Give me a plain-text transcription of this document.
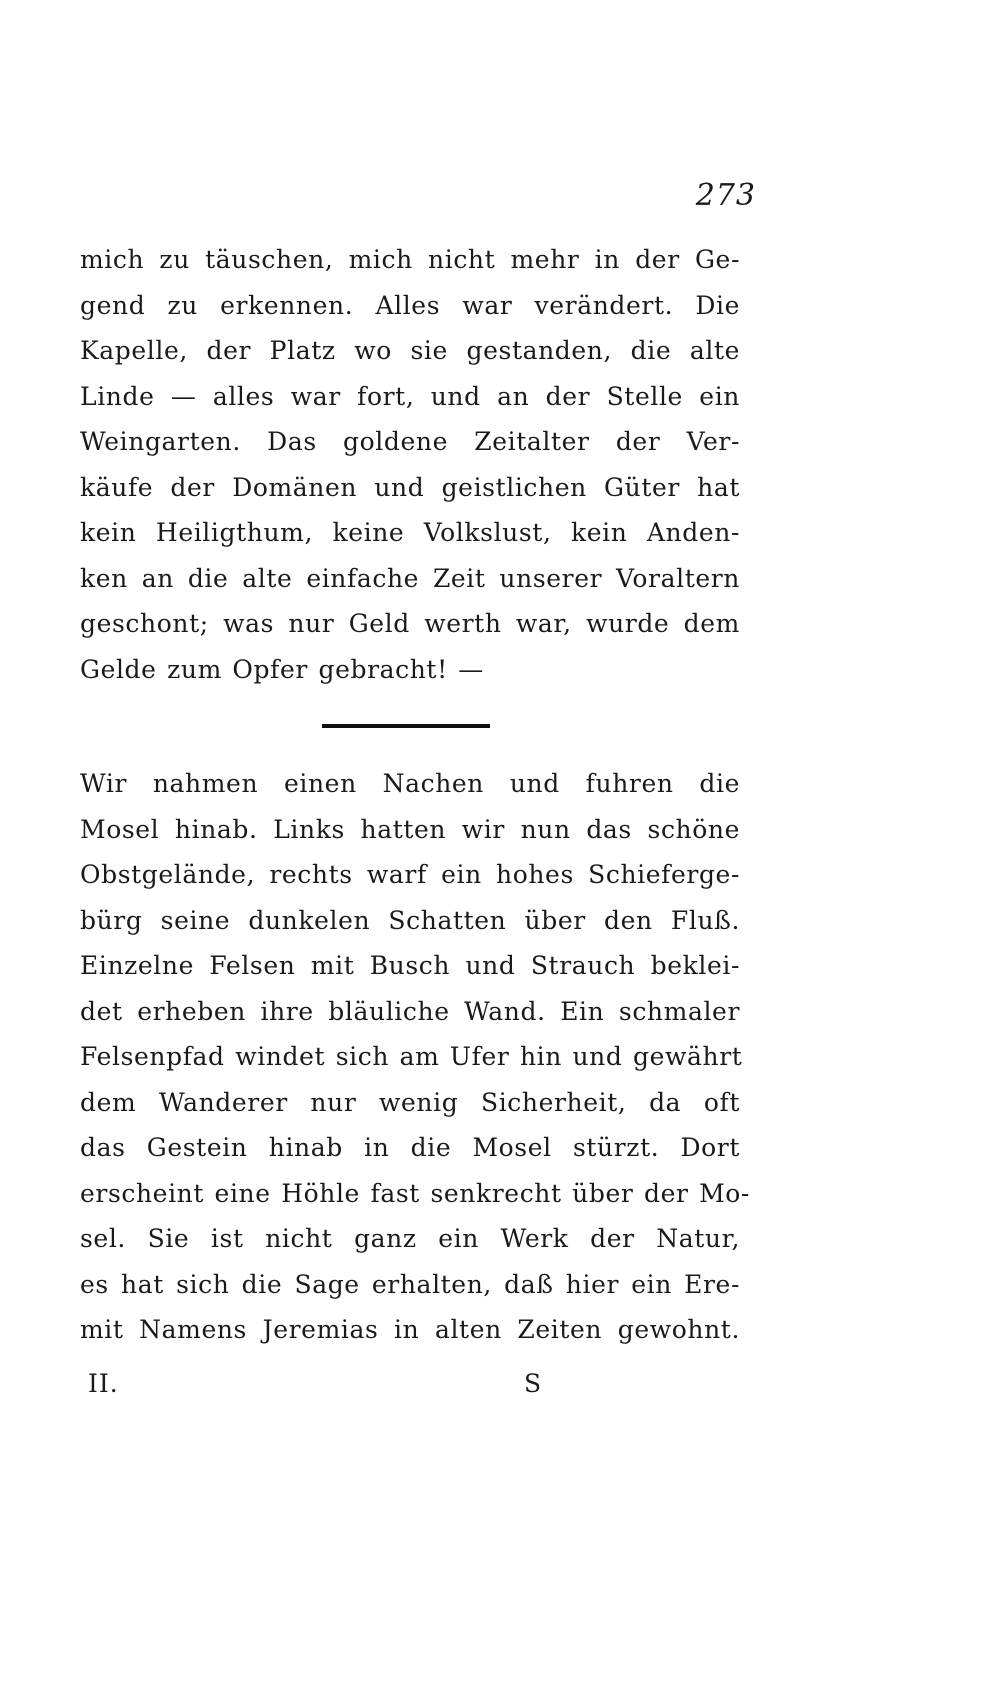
273

mich zu täuschen, mich nicht mehr in der Ge-
gend zu erkennen. Alles war verändert. Die
Kapelle, der Platz wo sie gestanden, die alte
Linde — alles war fort, und an der Stelle ein
Weingarten. Das goldene Zeitalter der Ver-
käufe der Domänen und geistlichen Güter hat
kein Heiligthum, keine Volkslust, kein Anden-
ken an die alte einfache Zeit unserer Voraltern
geschont; was nur Geld werth war, wurde dem
Gelde zum Opfer gebracht! —

Wir nahmen einen Nachen und fuhren die
Mosel hinab. Links hatten wir nun das schöne
Obstgelände, rechts warf ein hohes Schieferge-
bürg seine dunkelen Schatten über den Fluß.
Einzelne Felsen mit Busch und Strauch beklei-
det erheben ihre bläuliche Wand. Ein schmaler
Felsenpfad windet sich am Ufer hin und gewährt
dem Wanderer nur wenig Sicherheit, da oft
das Gestein hinab in die Mosel stürzt. Dort
erscheint eine Höhle fast senkrecht über der Mo-
sel. Sie ist nicht ganz ein Werk der Natur,
es hat sich die Sage erhalten, daß hier ein Ere-
mit Namens Jeremias in alten Zeiten gewohnt.

II.	S
